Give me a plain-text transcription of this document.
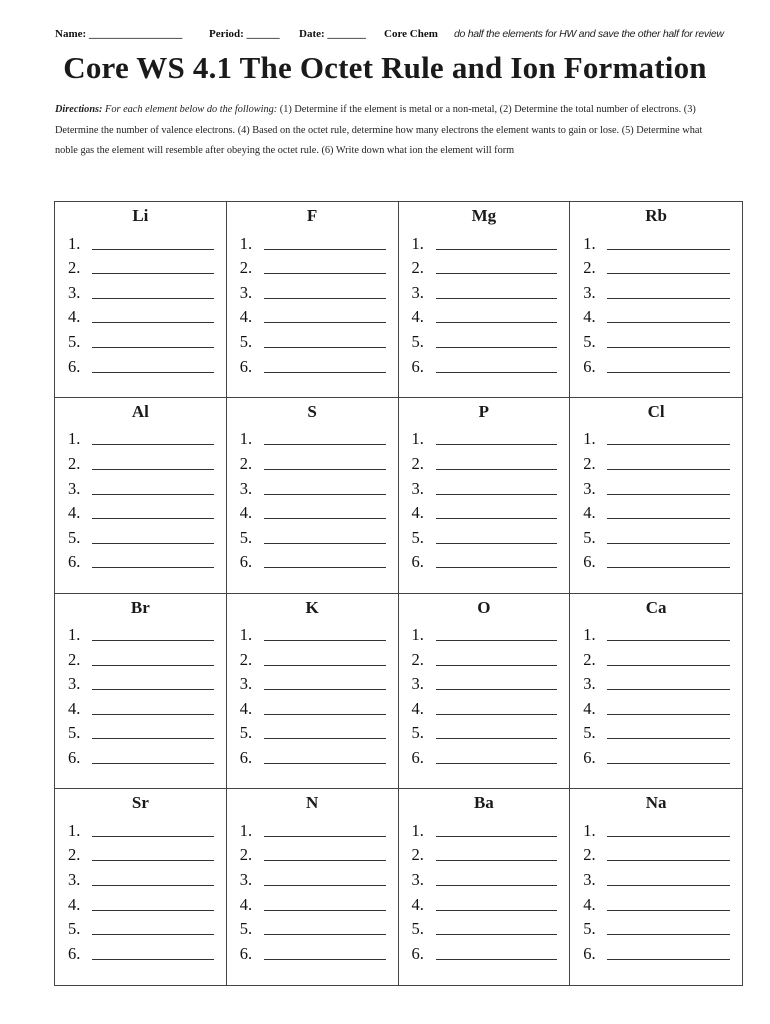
Name: _________________ Period: ______ Date: _______ Core Chem do half the elements for HW and save the other half for review
Core WS 4.1 The Octet Rule and Ion Formation
Directions: For each element below do the following: (1) Determine if the element is metal or a non-metal, (2) Determine the total number of electrons. (3) Determine the number of valence electrons. (4) Based on the octet rule, determine how many electrons the element wants to gain or lose. (5) Determine what noble gas the element will resemble after obeying the octet rule. (6) Write down what ion the element will form
Li
1.
2.
3.
4.
5.
6.
F
1.
2.
3.
4.
5.
6.
Mg
1.
2.
3.
4.
5.
6.
Rb
1.
2.
3.
4.
5.
6.
Al
1.
2.
3.
4.
5.
6.
S
1.
2.
3.
4.
5.
6.
P
1.
2.
3.
4.
5.
6.
Cl
1.
2.
3.
4.
5.
6.
Br
1.
2.
3.
4.
5.
6.
K
1.
2.
3.
4.
5.
6.
O
1.
2.
3.
4.
5.
6.
Ca
1.
2.
3.
4.
5.
6.
Sr
1.
2.
3.
4.
5.
6.
N
1.
2.
3.
4.
5.
6.
Ba
1.
2.
3.
4.
5.
6.
Na
1.
2.
3.
4.
5.
6.
